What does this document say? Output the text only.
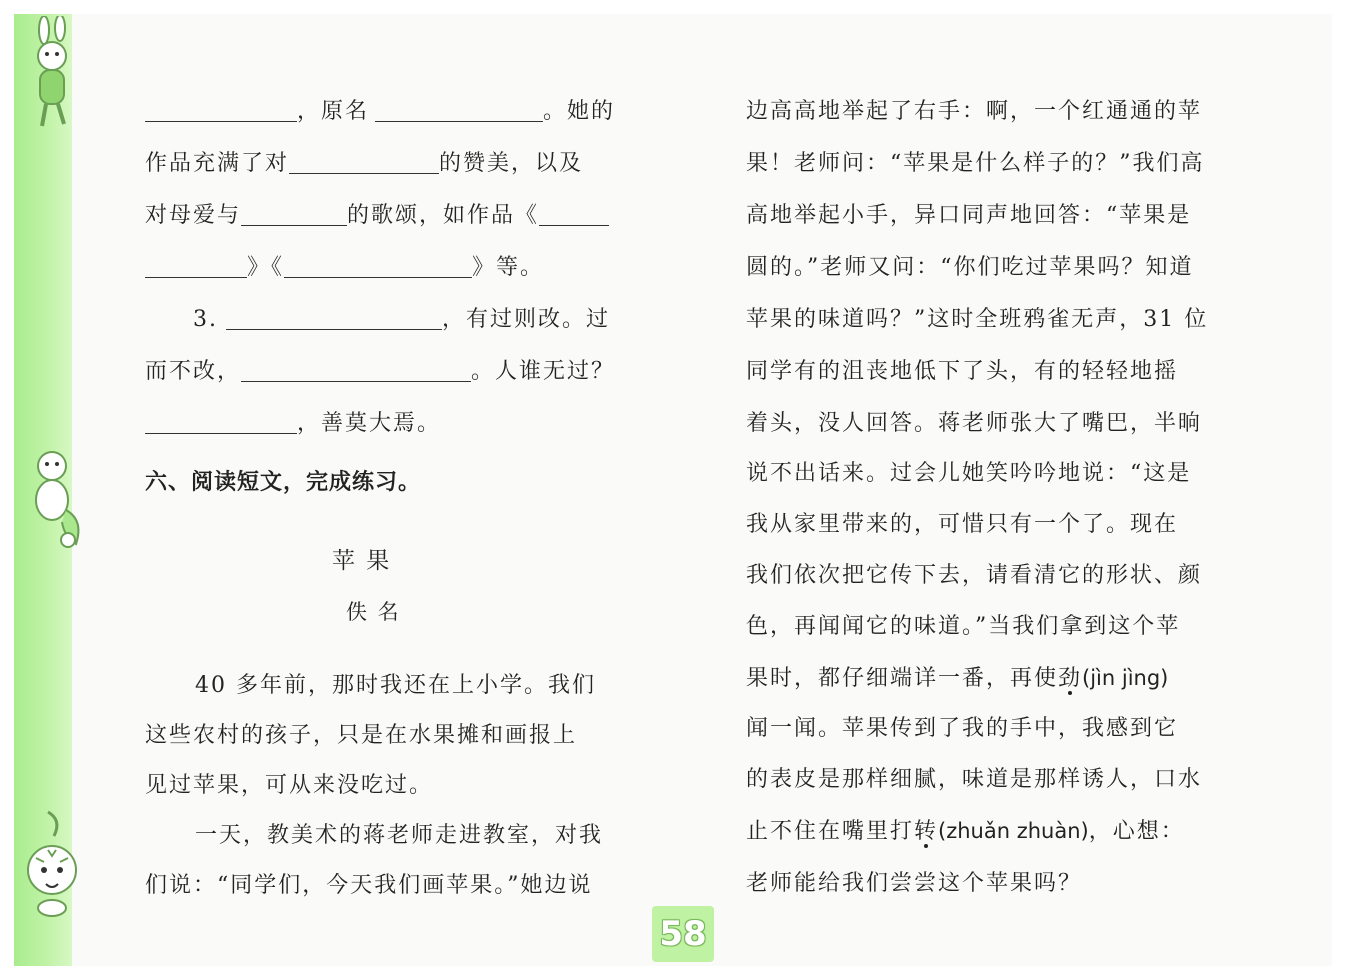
，原名	。她的
作品充满了对	的赞美，以及
对母爱与	的歌颂，如作品《
》《	》等。
3.	，有过则改。过
而不改，	。人谁无过？
，善莫大焉。
六、阅读短文，完成练习。
苹 果
佚 名
40 多年前，那时我还在上小学。我们
这些农村的孩子，只是在水果摊和画报上
见过苹果，可从来没吃过。
一天，教美术的蒋老师走进教室，对我
们说：“同学们，今天我们画苹果。”她边说
边高高地举起了右手：啊，一个红通通的苹
果！老师问：“苹果是什么样子的？”我们高
高地举起小手，异口同声地回答：“苹果是
圆的。”老师又问：“你们吃过苹果吗？知道
苹果的味道吗？”这时全班鸦雀无声，31 位
同学有的沮丧地低下了头，有的轻轻地摇
着头，没人回答。蒋老师张大了嘴巴，半晌
说不出话来。过会儿她笑吟吟地说：“这是
我从家里带来的，可惜只有一个了。现在
我们依次把它传下去，请看清它的形状、颜
色，再闻闻它的味道。”当我们拿到这个苹
果时，都仔细端详一番，再使劲(jìn jìng)
闻一闻。苹果传到了我的手中，我感到它
的表皮是那样细腻，味道是那样诱人，口水
止不住在嘴里打转(zhuǎn zhuàn)，心想：
老师能给我们尝尝这个苹果吗？
58
